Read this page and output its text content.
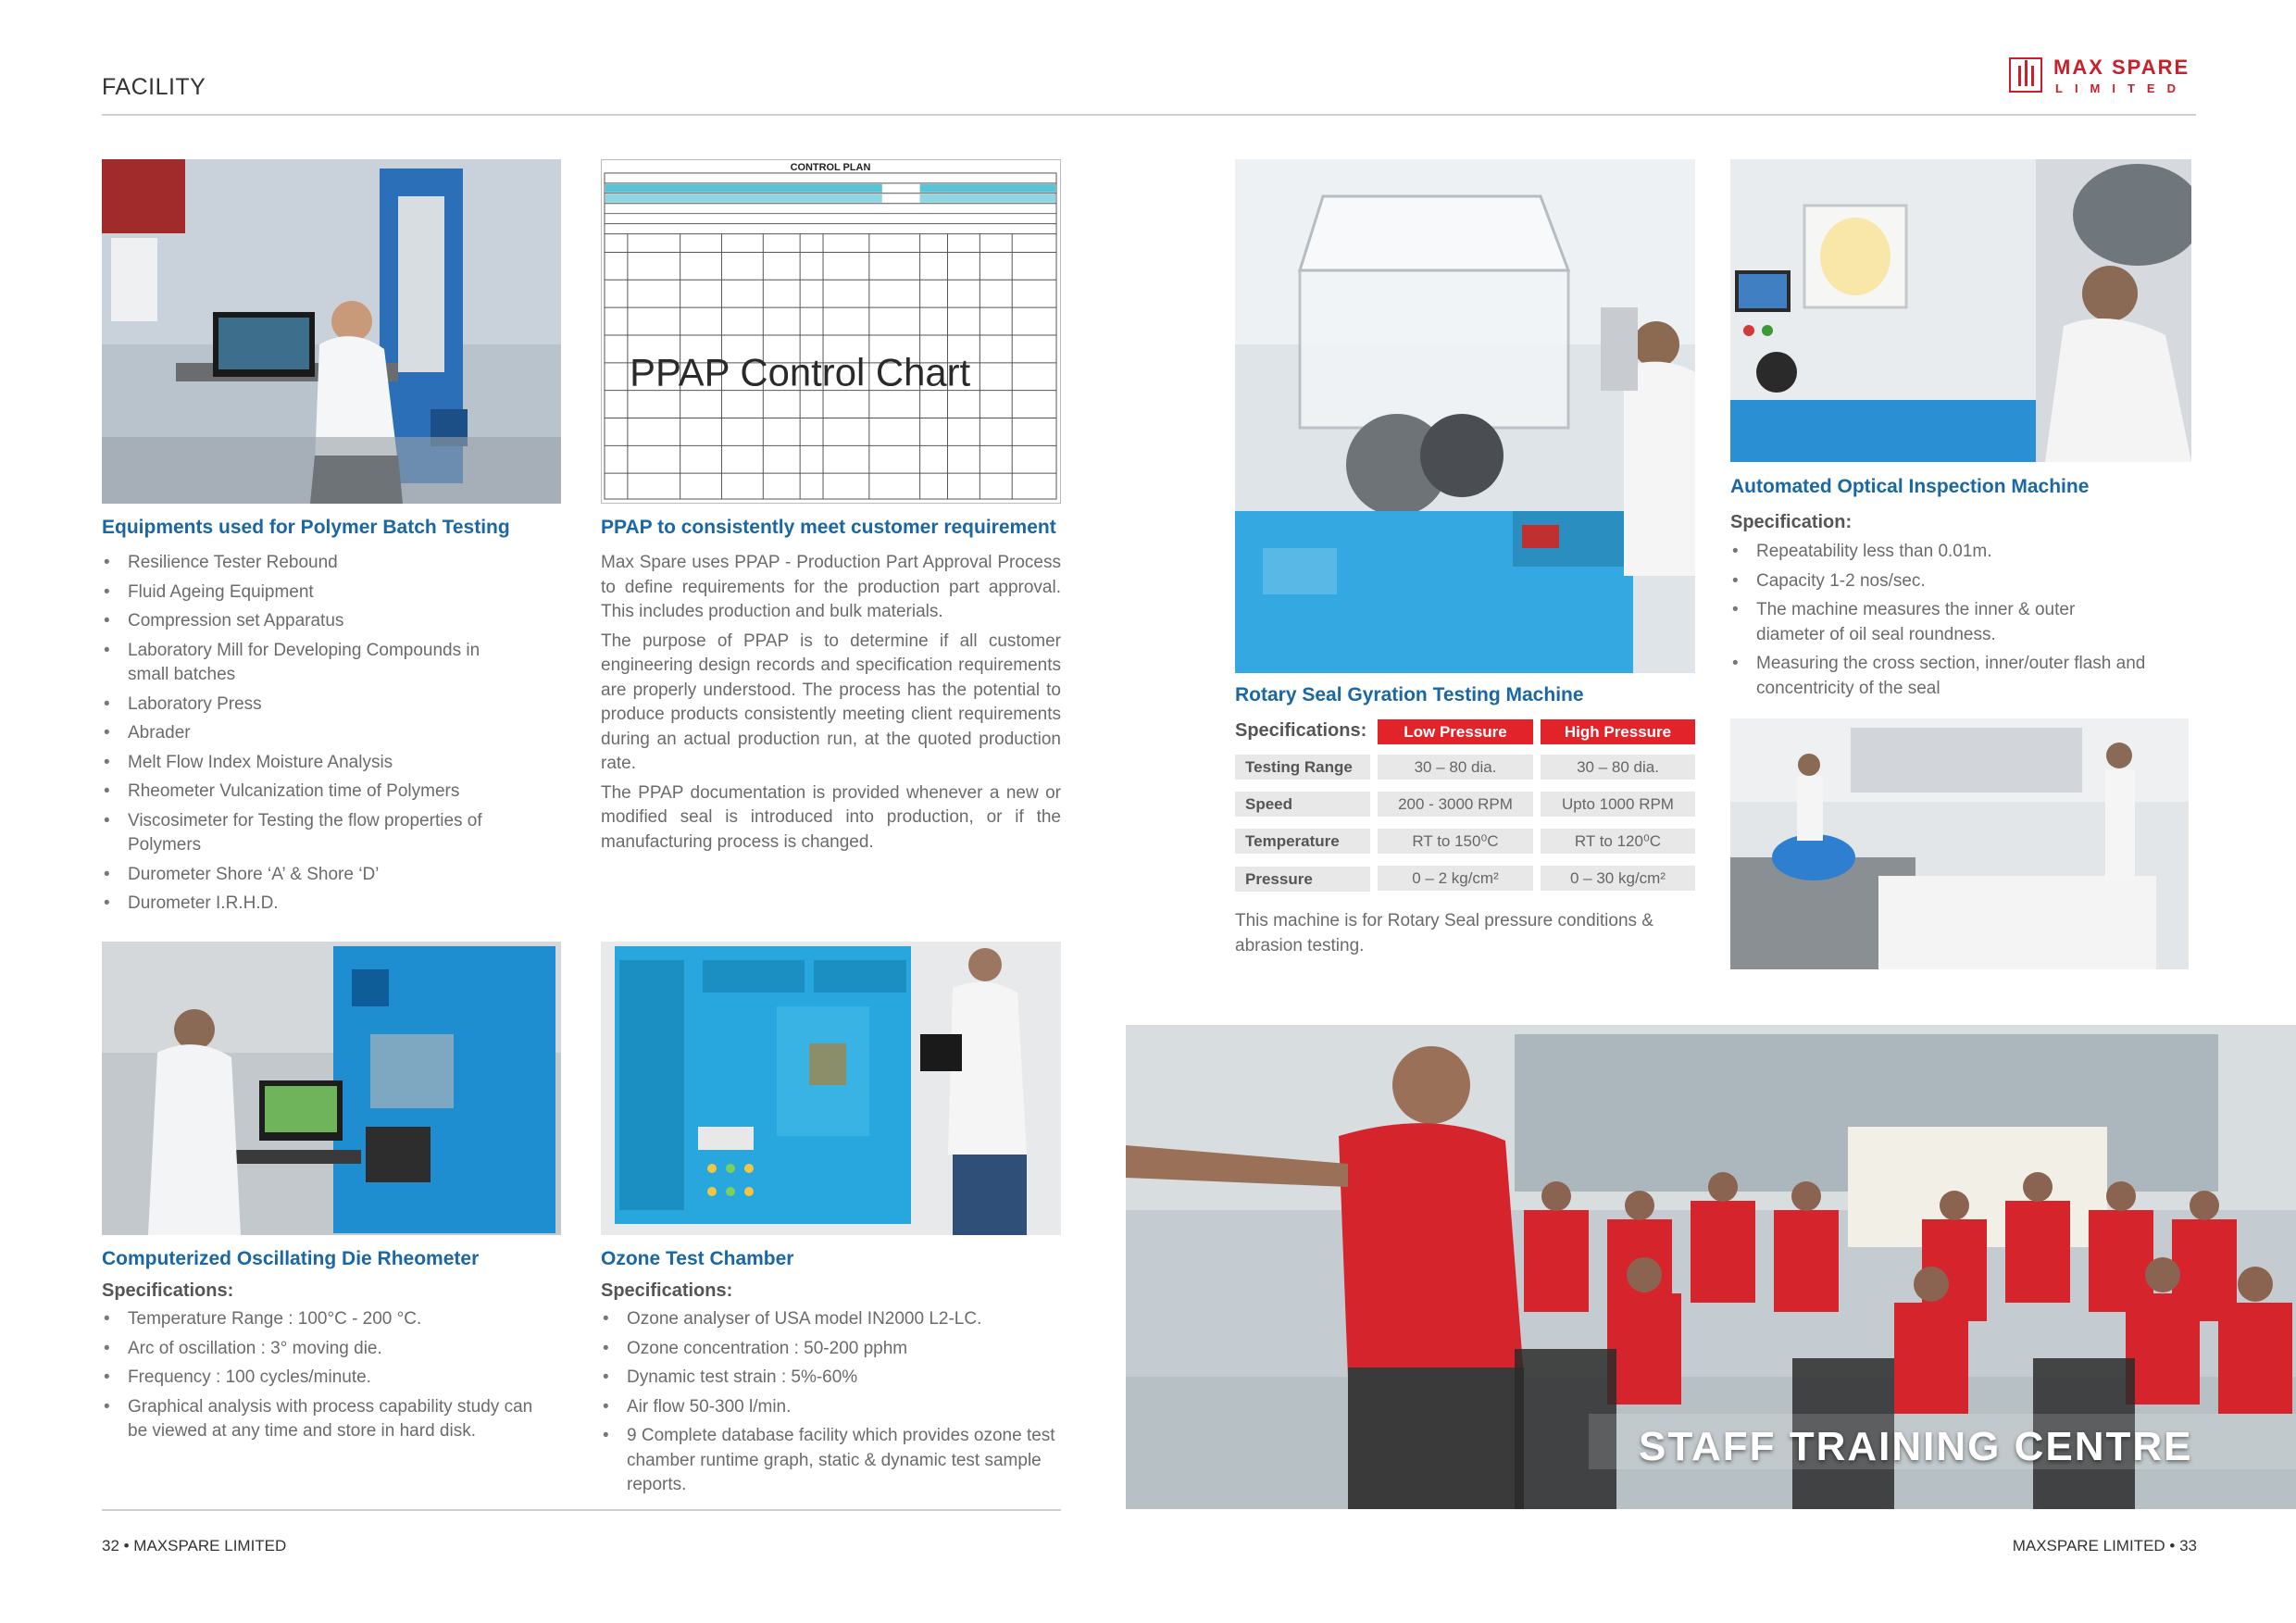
FACILITY
MAX SPARE
LIMITED
CONTROL PLAN
PPAP Control Chart
Equipments used for Polymer Batch Testing
• Resilience Tester Rebound
• Fluid Ageing Equipment
• Compression set Apparatus
• Laboratory Mill for Developing Compounds in small batches
• Laboratory Press
• Abrader
• Melt Flow Index Moisture Analysis
• Rheometer Vulcanization time of Polymers
• Viscosimeter for Testing the flow properties of Polymers
• Durometer Shore ‘A’ & Shore ‘D’
• Durometer I.R.H.D.
PPAP to consistently meet customer requirement

Max Spare uses PPAP - Production Part Approval Process to define requirements for the production part approval. This includes production and bulk materials.

The purpose of PPAP is to determine if all customer engineering design records and specification requirements are properly understood. The process has the potential to produce products consistently meeting client requirements during an actual production run, at the quoted production rate.

The PPAP documentation is provided whenever a new or modified seal is introduced into production, or if the manufacturing process is changed.

Computerized Oscillating Die Rheometer
Specifications:
• Temperature Range : 100°C - 200 °C.
• Arc of oscillation : 3° moving die.
• Frequency : 100 cycles/minute.
• Graphical analysis with process capability study can be viewed at any time and store in hard disk.
Ozone Test Chamber
Specifications:
• Ozone analyser of USA model IN2000 L2-LC.
• Ozone concentration : 50-200 pphm
• Dynamic test strain : 5%-60%
• Air flow 50-300 l/min.
• 9 Complete database facility which provides ozone test chamber runtime graph, static & dynamic test sample reports.
Rotary Seal Gyration Testing Machine
Specifications:	Low Pressure	High Pressure
Testing Range	30 – 80 dia.	30 – 80 dia.
Speed	200 - 3000 RPM	Upto 1000 RPM
Temperature	RT to 150⁰C	RT to 120⁰C
Pressure	0 – 2 kg/cm²	0 – 30 kg/cm²
This machine is for Rotary Seal pressure conditions & abrasion testing.
Automated Optical Inspection Machine
Specification:
• Repeatability less than 0.01m.
• Capacity 1-2 nos/sec.
• The machine measures the inner & outer diameter of oil seal roundness.
• Measuring the cross section, inner/outer flash and concentricity of the seal
STAFF TRAINING CENTRE
32 • MAXSPARE LIMITED	MAXSPARE LIMITED • 33
